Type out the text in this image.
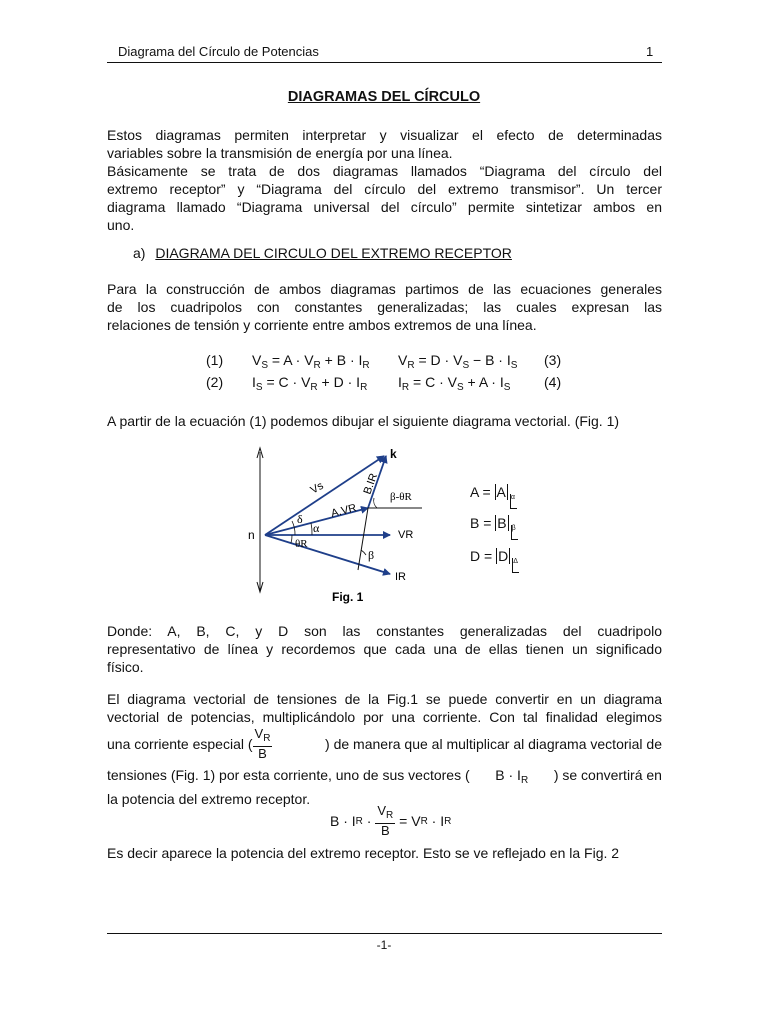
Diagrama del Círculo de Potencias	1
DIAGRAMAS DEL CÍRCULO
Estos diagramas permiten interpretar y visualizar el efecto de determinadas
variables sobre la transmisión de energía por una línea.
Básicamente se trata de dos diagramas llamados “Diagrama del círculo del
extremo receptor” y “Diagrama del círculo del extremo transmisor”. Un tercer
diagrama llamado “Diagrama universal del círculo” permite sintetizar ambos en
uno.
a) DIAGRAMA DEL CIRCULO DEL EXTREMO RECEPTOR
Para la construcción de ambos diagramas partimos de las ecuaciones generales
de los cuadripolos con constantes generalizadas; las cuales expresan las
relaciones de tensión y corriente entre ambos extremos de una línea.
(1) $V_S = A \cdot V_R + B \cdot I_R$ $V_R = D \cdot V_S - B \cdot I_S$ (3)
(2) $I_S = C \cdot V_R + D \cdot I_R$ $I_R = C \cdot V_S + A \cdot I_S$ (4)
A partir de la ecuación (1) podemos dibujar el siguiente diagrama vectorial. (Fig. 1)
k
n
Vs	B.IR
β-θR
A.VR
δ
α	VR
θR
β
IR
Fig. 1
A = A α
B = B β
D = D Δ
Donde: A, B, C, y D son las constantes generalizadas del cuadripolo
representativo de línea y recordemos que cada una de ellas tienen un significado
físico.
El diagrama vectorial de tensiones de la Fig.1 se puede convertir en un diagrama
vectorial de potencias, multiplicándolo por una corriente. Con tal finalidad elegimos
una corriente especial ( $\frac{V_R}{B}$	) de manera que al multiplicar al diagrama vectorial de
tensiones (Fig. 1) por esta corriente, uno de sus vectores ( $B \cdot I_R$ ) se convertirá en
la potencia del extremo receptor.
B · I $R \cdot \frac{V_R}{B} = V$ R · I R
Es decir aparece la potencia del extremo receptor. Esto se ve reflejado en la Fig. 2
-1-
